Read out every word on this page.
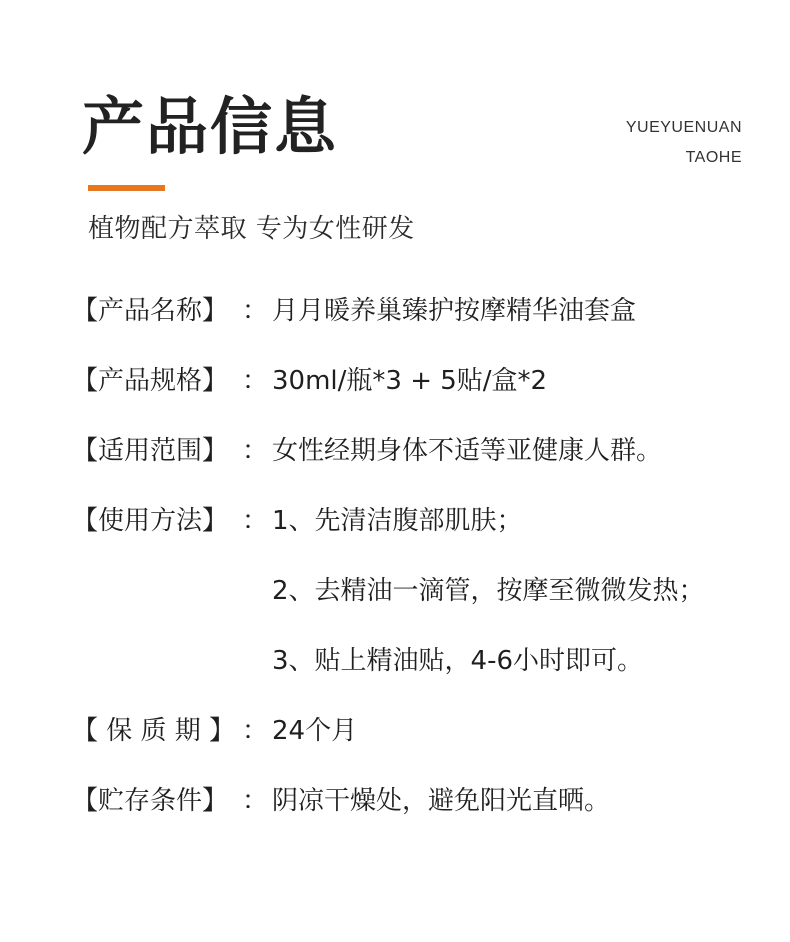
产品信息	YUEYUENUAN
TAOHE
植物配方萃取 专为女性研发
【产品名称】 ： 月月暖养巢臻护按摩精华油套盒
【产品规格】 ： 30ml/瓶*3 + 5贴/盒*2
【适用范围】 ： 女性经期身体不适等亚健康人群。
【使用方法】 ： 1、先清洁腹部肌肤；
2、去精油一滴管，按摩至微微发热；
3、贴上精油贴，4-6小时即可。
【 保 质 期 】 ： 24个月
【贮存条件】 ： 阴凉干燥处，避免阳光直晒。
